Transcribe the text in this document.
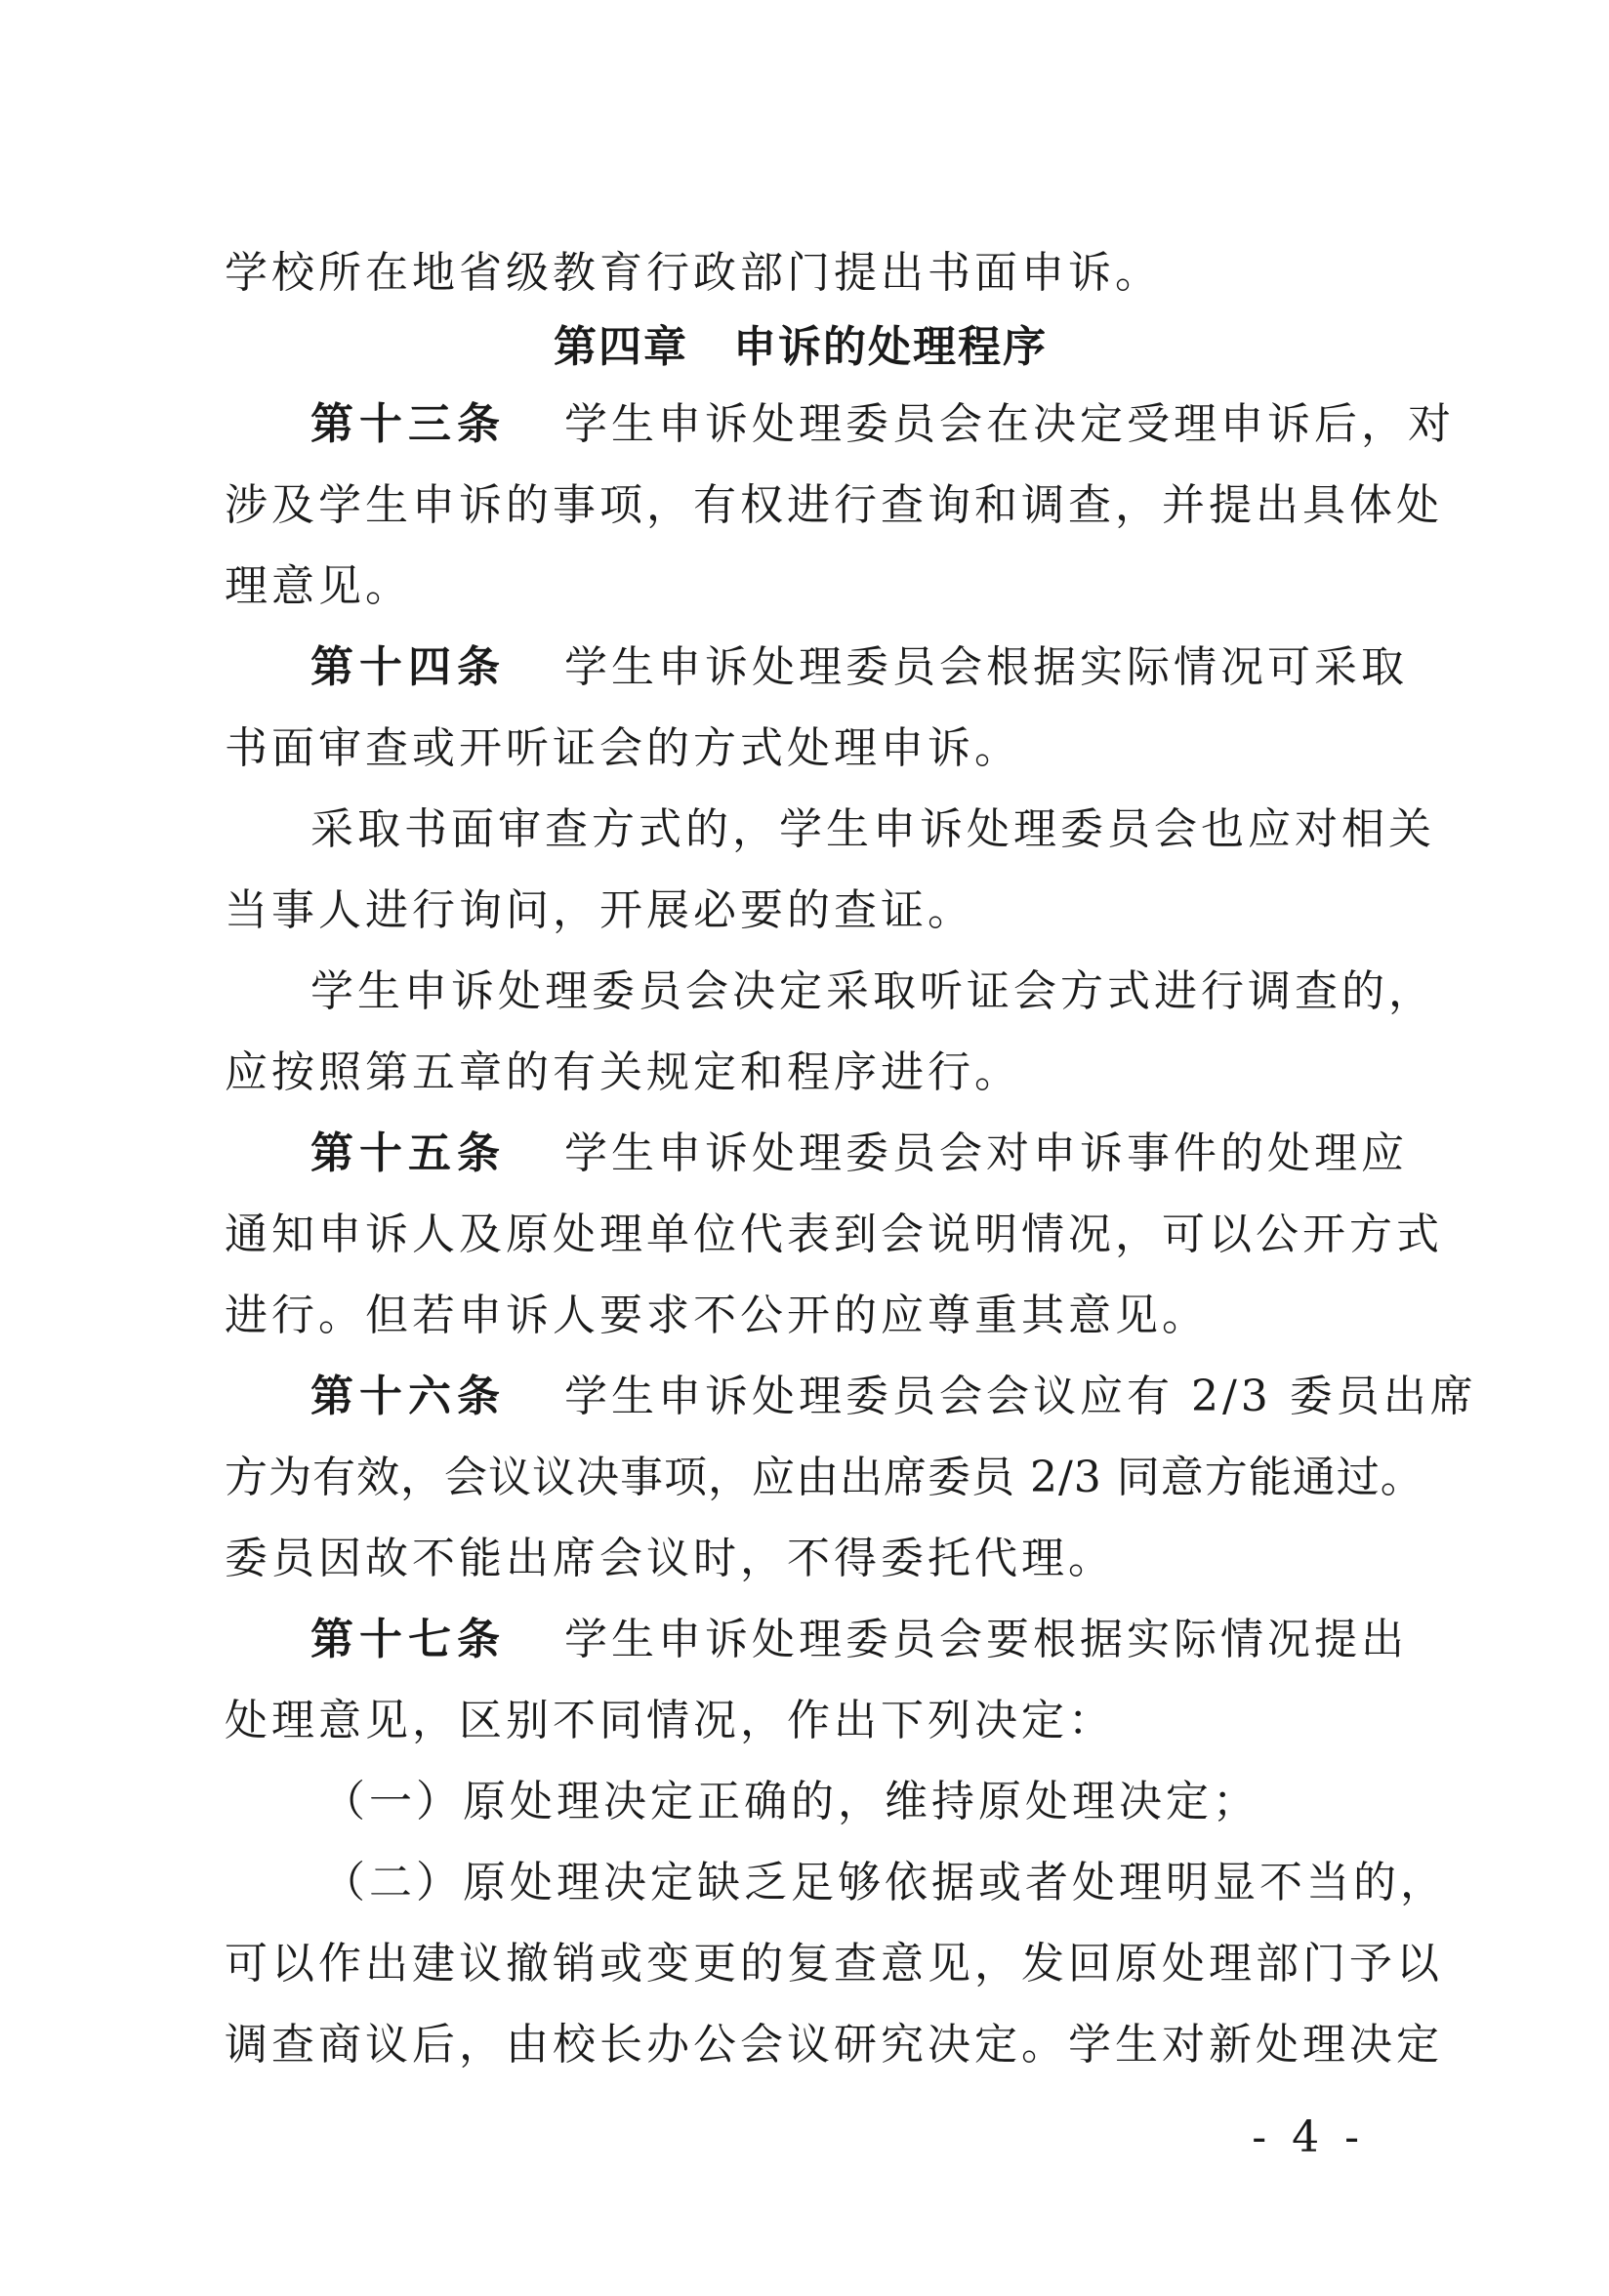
学校所在地省级教育行政部门提出书面申诉。
第四章　申诉的处理程序
第十三条 学生申诉处理委员会在决定受理申诉后，对
涉及学生申诉的事项，有权进行查询和调查，并提出具体处
理意见。
第十四条 学生申诉处理委员会根据实际情况可采取
书面审查或开听证会的方式处理申诉。
采取书面审查方式的，学生申诉处理委员会也应对相关
当事人进行询问，开展必要的查证。
学生申诉处理委员会决定采取听证会方式进行调查的，
应按照第五章的有关规定和程序进行。
第十五条 学生申诉处理委员会对申诉事件的处理应
通知申诉人及原处理单位代表到会说明情况，可以公开方式
进行。但若申诉人要求不公开的应尊重其意见。
第十六条 学生申诉处理委员会会议应有 2/3 委员出席
方为有效，会议议决事项，应由出席委员 2/3 同意方能通过。
委员因故不能出席会议时，不得委托代理。
第十七条 学生申诉处理委员会要根据实际情况提出
处理意见，区别不同情况，作出下列决定：
（一）原处理决定正确的，维持原处理决定；
（二）原处理决定缺乏足够依据或者处理明显不当的，
可以作出建议撤销或变更的复查意见，发回原处理部门予以
调查商议后，由校长办公会议研究决定。学生对新处理决定
- 4 -
